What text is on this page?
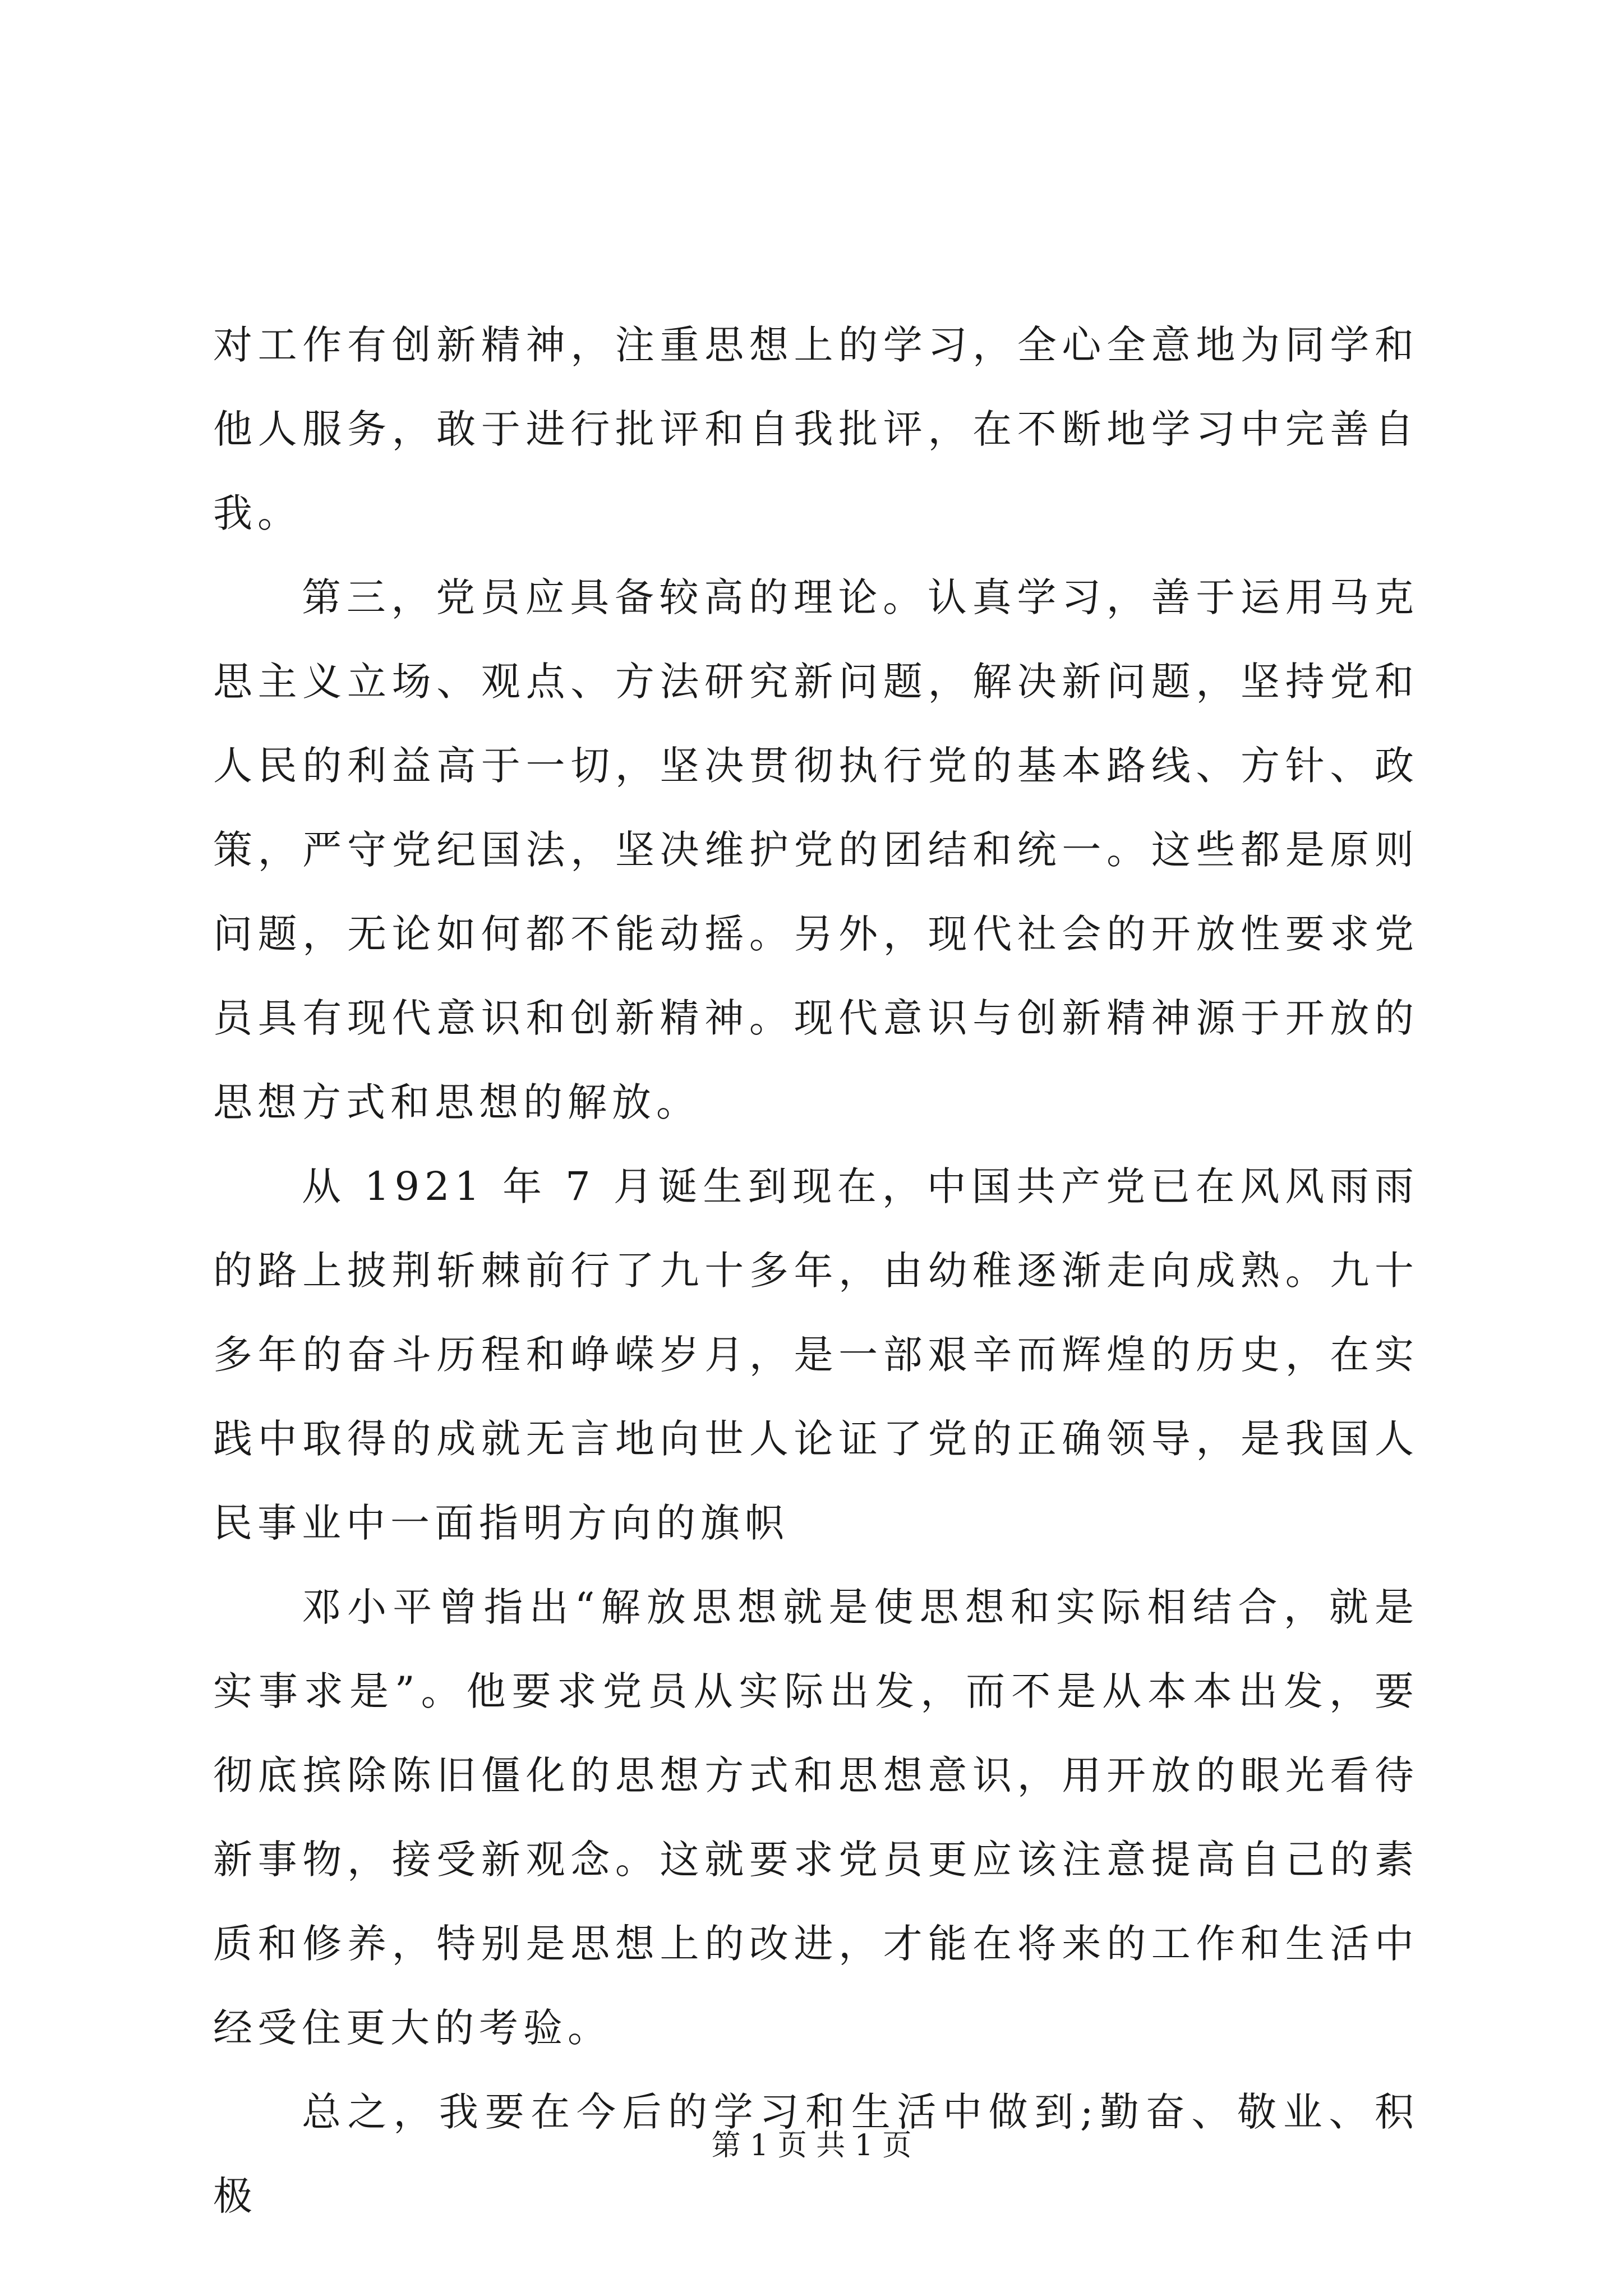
对工作有创新精神，注重思想上的学习，全心全意地为同学和他人服务，敢于进行批评和自我批评，在不断地学习中完善自我。

第三，党员应具备较高的理论。认真学习，善于运用马克思主义立场、观点、方法研究新问题，解决新问题，坚持党和人民的利益高于一切，坚决贯彻执行党的基本路线、方针、政策，严守党纪国法，坚决维护党的团结和统一。这些都是原则问题，无论如何都不能动摇。另外，现代社会的开放性要求党员具有现代意识和创新精神。现代意识与创新精神源于开放的思想方式和思想的解放。

从 1921 年 7 月诞生到现在，中国共产党已在风风雨雨的路上披荆斩棘前行了九十多年，由幼稚逐渐走向成熟。九十多年的奋斗历程和峥嵘岁月，是一部艰辛而辉煌的历史，在实践中取得的成就无言地向世人论证了党的正确领导，是我国人民事业中一面指明方向的旗帜

邓小平曾指出“解放思想就是使思想和实际相结合，就是实事求是”。他要求党员从实际出发，而不是从本本出发，要彻底摈除陈旧僵化的思想方式和思想意识，用开放的眼光看待新事物，接受新观念。这就要求党员更应该注意提高自己的素质和修养，特别是思想上的改进，才能在将来的工作和生活中经受住更大的考验。

总之，我要在今后的学习和生活中做到;勤奋、敬业、积极

第 1 页 共 1 页
